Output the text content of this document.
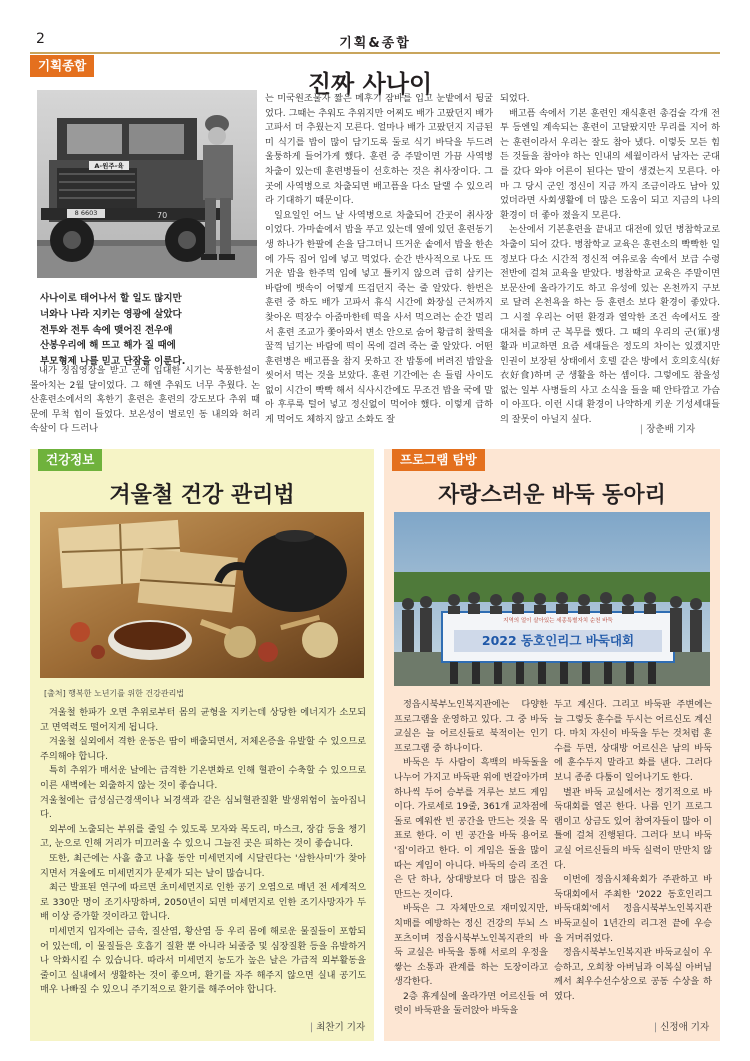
2	기획&종합
기획종합
진짜 사나이
A-원주-육
8 6603	70
사나이로 태어나서 할 일도 많지만
너와나 나라 지키는 영광에 살았다
전투와 전투 속에 맺어진 전우애
산봉우리에 해 뜨고 해가 질 때에
부모형제 나를 믿고 단잠을 이룬다.

내가 징집영장을 받고 군에 입대한 시기는 북풍한설이 몰아치는 2월 달이었다. 그 해엔 추워도 너무 추웠다. 논산훈련소에서의 혹한기 훈련은 훈련의 강도보다 추위 때문에 무척 힘이 들었다. 보온성이 별로인 동 내의와 허리 속살이 다 드러나

는 미국원조물자 짧은 메후기 잠바를 입고 눈밭에서 뒹굴었다. 그때는 추워도 추위지만 어찌도 배가 고팠던지 배가 고파서 더 추웠는지 모른다. 얼마나 배가 고팠던지 지금된 미 식기를 밥이 많이 담기도록 둘로 식기 바닥을 두드려 울퉁하게 들어가게 했다. 훈련 중 주말이면 가끔 사역병 차출이 있는데 훈련병들이 선호하는 것은 취사장이다. 그곳에 사역병으로 차출되면 배고픔을 다소 달랠 수 있으리라 기대하기 때문이다.

일요일인 어느 날 사역병으로 차출되어 간곳이 취사장이었다. 가마솥에서 밥을 푸고 있는데 옆에 있던 훈련동기생 하나가 한팔에 손을 담그더니 뜨거운 솥에서 밥을 한손에 가득 집어 입에 넣고 먹었다. 순간 반사적으로 나도 뜨거운 밥을 한주먹 입에 넣고 틀키지 않으려 급히 삼키는 바람에 뱃속이 어떻게 뜨겁던지 죽는 줄 알았다. 한번은 훈련 중 하도 배가 고파서 휴식 시간에 화장실 근처까지 찾아온 떡장수 아줌마한테 떡을 사서 먹으려는 순간 멀리서 훈련 조교가 쫓아와서 변소 안으로 숨어 황급히 찰떡을 꿀꺽 넘기는 바람에 떡이 목에 걸려 죽는 줄 알았다. 어떤 훈련병은 배고픔을 참지 못하고 잔 밥통에 버려진 밥알을 씻어서 먹는 것을 보았다. 훈련 기간에는 손 들림 사이도 없이 시간이 빡빡 해서 식사시간에도 무조건 밥을 국에 말아 후루룩 털어 넣고 정신없이 먹어야 했다. 이렇게 급하게 먹어도 체하지 않고 소화도 잘

되었다.

배고픔 속에서 기본 훈련인 재식훈련 총검술 각개 전투 등엔일 계속되는 훈련이 고달팠지만 무리를 지어 하는 훈련이라서 우리는 잘도 참아 냈다. 이렇듯 모든 힘든 것들을 참아야 하는 인내의 세월이라서 남자는 군대를 갔다 와야 어른이 된다는 말이 생겼는지 모른다. 아마 그 당시 군인 정신이 지금 까지 조금이라도 남아 있었더라면 사회생활에 더 많은 도움이 되고 지금의 나의 환경이 더 좋아 졌을지 모른다.

논산에서 기본훈련을 끝내고 대전에 있던 병참학교로 차출이 되어 갔다. 병참학교 교육은 훈련소의 빡빡한 일정보다 다소 시간적 정신적 여유로움 속에서 보급 수령 전반에 걸쳐 교육을 받았다. 병참학교 교육은 주말이면 보문산에 올라가기도 하고 유성에 있는 온천까지 구보로 달려 온천욕을 하는 등 훈련소 보다 환경이 좋았다. 그 시절 우리는 어떤 환경과 열악한 조건 속에서도 잘 대처를 하며 군 복무를 했다. 그 때의 우리의 군(軍)생활과 비교하면 요즘 세대들은 정도의 차이는 있겠지만 인권이 보장된 상태에서 호텔 같은 방에서 호의호식(好衣好食)하며 군 생활을 하는 셈이다. 그렇에도 참을성 없는 일부 사병들의 사고 소식을 들을 때 안타깝고 가슴이 아프다. 이런 시대 환경이 나약하게 키운 기성세대들의 잘못이 아닐지 싶다.

| 장춘배 기자
건강정보
겨울철 건강 관리법
[출처] 행복한 노년기를 위한 건강관리법

겨울철 한파가 오면 추위로부터 몸의 균형을 지키는데 상당한 에너지가 소모되고 면역력도 떨어지게 됩니다.

겨울철 실외에서 격한 운동은 땀이 배출되면서, 저체온증을 유발할 수 있으므로 주의해야 합니다.

특히 추위가 매서운 날에는 급격한 기온변화로 인해 혈관이 수축할 수 있으므로 이른 새벽에는 외출하지 않는 것이 좋습니다.

겨울철에는 급성심근경색이나 뇌경색과 같은 심뇌혈관질환 발생위험이 높아집니다.

외부에 노출되는 부위를 줄일 수 있도록 모자와 목도리, 마스크, 장갑 등을 챙기고, 눈으로 인해 거리가 미끄러울 수 있으니 그늘진 곳은 피하는 것이 좋습니다.

또한, 최근에는 사흘 춥고 나흘 동안 미세먼지에 시달린다는 '삼한사미'가 찾아지면서 겨울에도 미세먼지가 문제가 되는 날이 많습니다.

최근 발표된 연구에 따르면 초미세먼지로 인한 공기 오염으로 매년 전 세계적으로 330만 명이 조기사망하며, 2050년이 되면 미세먼지로 인한 조기사망자가 두 배 이상 증가할 것이라고 합니다.

미세먼지 입자에는 금속, 질산염, 황산염 등 우리 몸에 해로운 물질들이 포함되어 있는데, 이 물질들은 호흡기 질환 뿐 아니라 뇌졸중 및 심장질환 등을 유발하거나 악화시킬 수 있습니다. 따라서 미세먼지 농도가 높은 날은 가급적 외부활동을 줄이고 실내에서 생활하는 것이 좋으며, 환기를 자주 해주지 않으면 실내 공기도 매우 나빠질 수 있으니 주기적으로 환기를 해주어야 합니다.

| 최찬기 기자
프로그램 탐방
자랑스러운 바둑 동아리
지역의 얼이 살아있는 세종특별자치 순천 바둑
2022 동호인리그 바둑대회

정읍시북부노인복지관에는 다양한 프로그램을 운영하고 있다. 그 중 바둑교실은 늘 어르신들로 북적이는 인기 프로그램 중 하나이다.

바둑은 두 사람이 흑백의 바둑돌을 나누어 가지고 바둑판 위에 번갈아가며 하나씩 두어 승부를 겨루는 보드 게임이다. 가로세로 19줄, 361개 교차점에 돌로 예워싼 빈 공간을 만드는 것을 목표로 한다. 이 빈 공간을 바둑 용어로 '집'이라고 한다. 이 게임은 돌을 많이 따는 게임이 아니다. 바둑의 승리 조건은 단 하나, 상대방보다 더 많은 집을 만드는 것이다.

바둑은 그 자체만으로 재미있지만, 치매를 예방하는 정신 건강의 두뇌 스포츠이며 정읍시북부노인복지관의 바둑 교실은 바둑을 통해 서로의 우정을 쌓는 소통과 관계를 하는 도장이라고 생각한다.

2층 휴게실에 올라가면 어르신들 여럿이 바둑판을 둘러앉아 바둑을

두고 계신다. 그리고 바둑판 주변에는 늘 그렇듯 훈수를 두시는 어르신도 계신다. 마치 자신이 바둑을 두는 것처럼 훈수를 두면, 상대방 어르신은 남의 바둑에 훈수두지 말라고 화를 낸다. 그러다 보니 종종 다툼이 일어나기도 한다.

별관 바둑 교실에서는 정기적으로 바둑대회를 열곤 한다. 나름 인기 프로그램이고 상금도 있어 참여자들이 많아 이틀에 걸쳐 진행된다. 그러다 보니 바둑 교실 어르신들의 바둑 실력이 만만치 않다.

이번에 정읍시체육회가 주관하고 바둑대회에서 주최한 '2022 동호인리그 바둑대회'에서 정읍시북부노인복지관 바둑교실이 1년간의 리그전 끝에 우승을 거머쥐었다.

정읍시북부노인복지관 바둑교실이 우승하고, 오희창 아버님과 이복실 아버님께서 최우수선수상으로 공동 수상을 하였다.

| 신정애 기자
